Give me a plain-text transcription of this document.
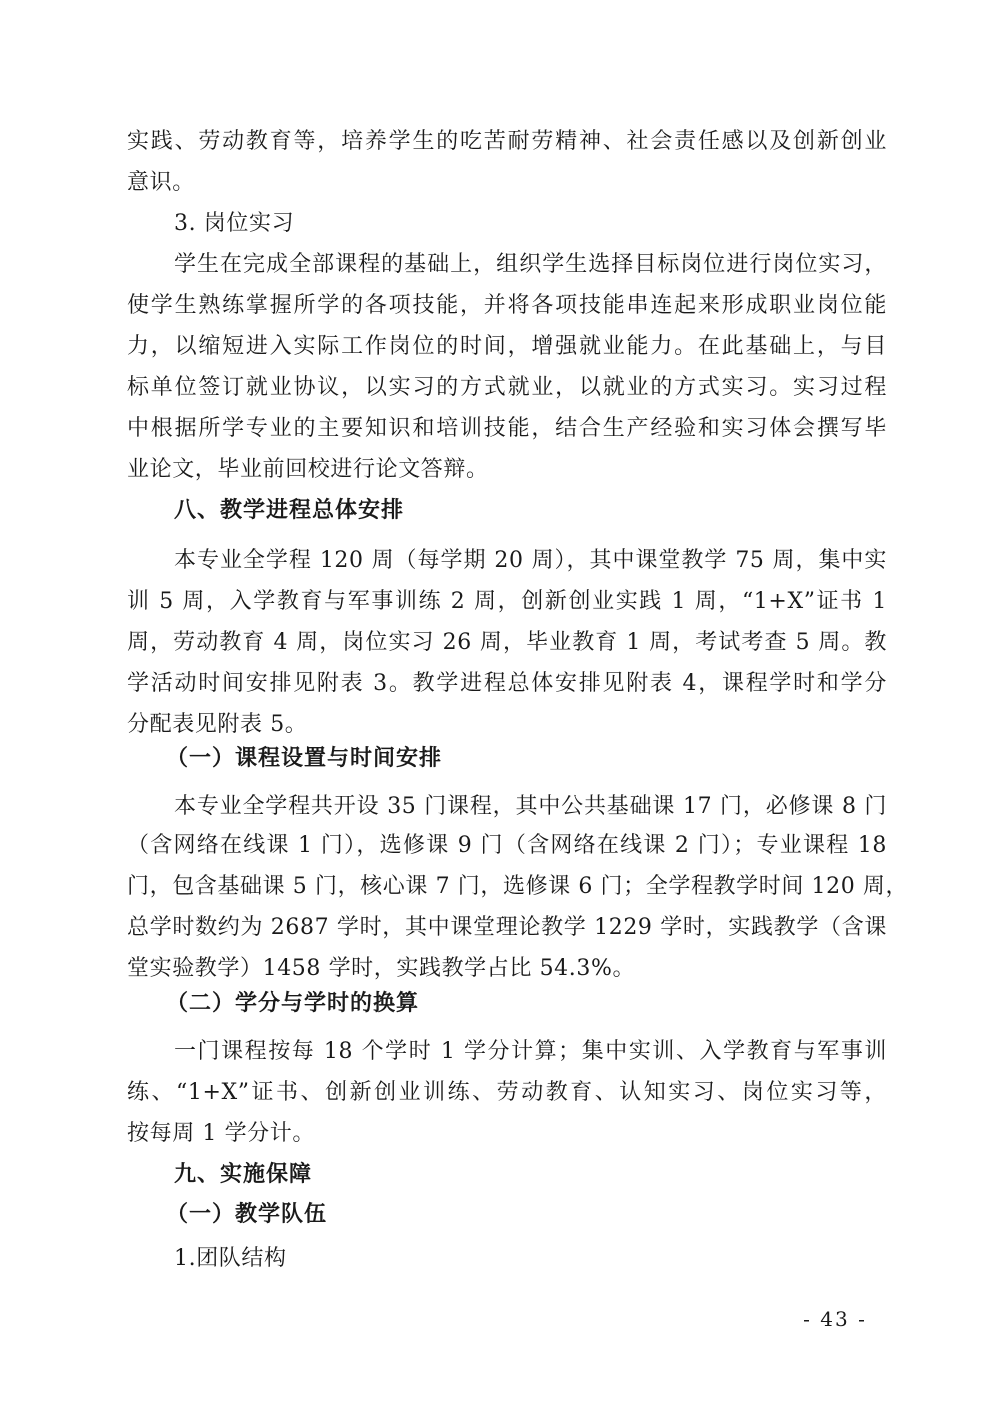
实践、劳动教育等，培养学生的吃苦耐劳精神、社会责任感以及创新创业
意识。
3. 岗位实习
学生在完成全部课程的基础上，组织学生选择目标岗位进行岗位实习，
使学生熟练掌握所学的各项技能，并将各项技能串连起来形成职业岗位能
力，以缩短进入实际工作岗位的时间，增强就业能力。在此基础上，与目
标单位签订就业协议，以实习的方式就业，以就业的方式实习。实习过程
中根据所学专业的主要知识和培训技能，结合生产经验和实习体会撰写毕
业论文，毕业前回校进行论文答辩。
八、教学进程总体安排
本专业全学程 120 周（每学期 20 周），其中课堂教学 75 周，集中实
训 5 周，入学教育与军事训练 2 周，创新创业实践 1 周，“1+X”证书 1
周，劳动教育 4 周，岗位实习 26 周，毕业教育 1 周，考试考查 5 周。教
学活动时间安排见附表 3。教学进程总体安排见附表 4，课程学时和学分
分配表见附表 5。
（一）课程设置与时间安排
本专业全学程共开设 35 门课程，其中公共基础课 17 门，必修课 8 门
（含网络在线课 1 门），选修课 9 门（含网络在线课 2 门）；专业课程 18
门，包含基础课 5 门，核心课 7 门，选修课 6 门；全学程教学时间 120 周，
总学时数约为 2687 学时，其中课堂理论教学 1229 学时，实践教学（含课
堂实验教学）1458 学时，实践教学占比 54.3%。
（二）学分与学时的换算
一门课程按每 18 个学时 1 学分计算；集中实训、入学教育与军事训
练、“1+X”证书、创新创业训练、劳动教育、认知实习、岗位实习等，
按每周 1 学分计。
九、实施保障
（一）教学队伍
1.团队结构
- 43 -
